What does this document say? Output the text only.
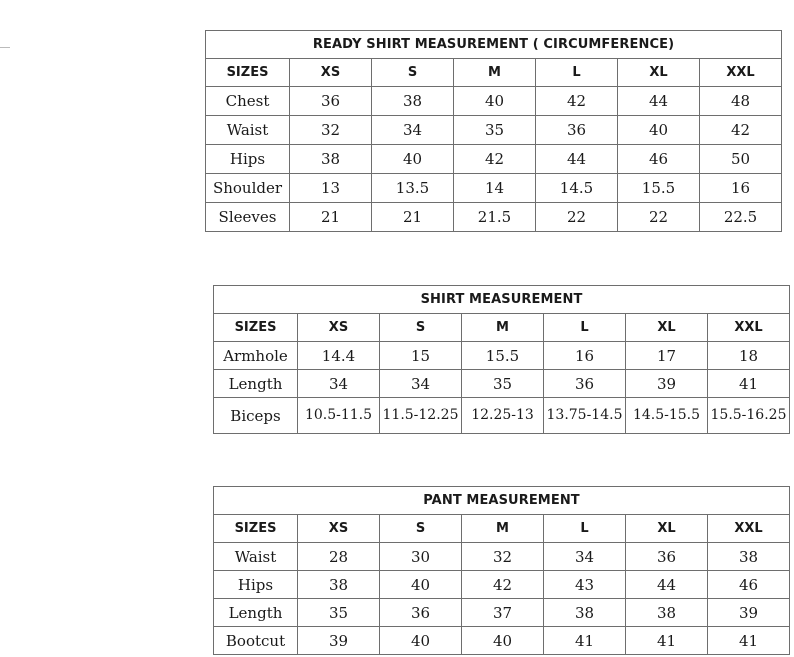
READY SHIRT MEASUREMENT ( CIRCUMFERENCE)						
SIZES	XS	S	M	L	XL	XXL
Chest	36	38	40	42	44	48
Waist	32	34	35	36	40	42
Hips	38	40	42	44	46	50
Shoulder	13	13.5	14	14.5	15.5	16
Sleeves	21	21	21.5	22	22	22.5
SHIRT MEASUREMENT						
SIZES	XS	S	M	L	XL	XXL
Armhole	14.4	15	15.5	16	17	18
Length	34	34	35	36	39	41
Biceps	10.5-11.5	11.5-12.25	12.25-13	13.75-14.5	14.5-15.5	15.5-16.25
PANT MEASUREMENT						
SIZES	XS	S	M	L	XL	XXL
Waist	28	30	32	34	36	38
Hips	38	40	42	43	44	46
Length	35	36	37	38	38	39
Bootcut	39	40	40	41	41	41
